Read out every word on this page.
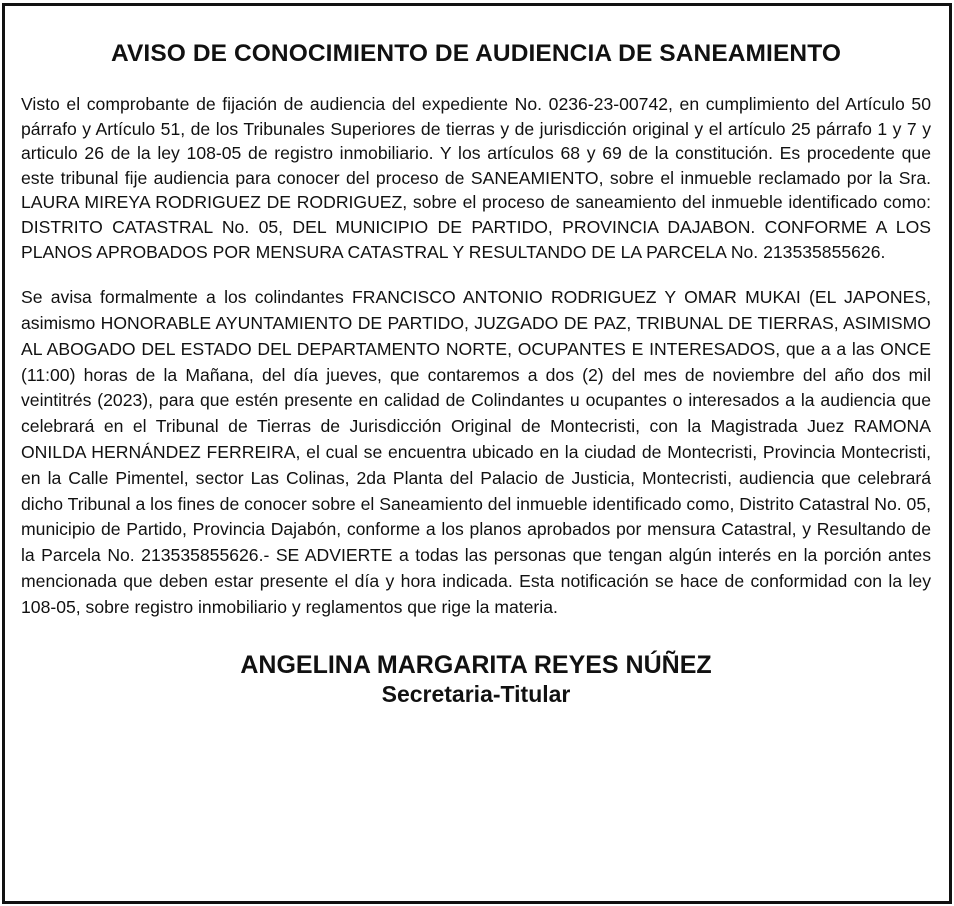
AVISO DE CONOCIMIENTO DE AUDIENCIA DE SANEAMIENTO

Visto el comprobante de fijación de audiencia del expediente No. 0236-23-00742, en cumplimiento del Artículo 50 párrafo y Artículo 51, de los Tribunales Superiores de tierras y de jurisdicción original y el artículo 25 párrafo 1 y 7 y articulo 26 de la ley 108-05 de registro inmobiliario. Y los artículos 68 y 69 de la constitución. Es procedente que este tribunal fije audiencia para conocer del proceso de SANEAMIENTO, sobre el inmueble reclamado por la Sra. LAURA MIREYA RODRIGUEZ DE RODRIGUEZ, sobre el proceso de saneamiento del inmueble identificado como: DISTRITO CATASTRAL No. 05, DEL MUNICIPIO DE PARTIDO, PROVINCIA DAJABON. CONFORME A LOS PLANOS APROBADOS POR MENSURA CATASTRAL Y RESULTANDO DE LA PARCELA No. 213535855626.

Se avisa formalmente a los colindantes FRANCISCO ANTONIO RODRIGUEZ Y OMAR MUKAI (EL JAPONES, asimismo HONORABLE AYUNTAMIENTO DE PARTIDO, JUZGADO DE PAZ, TRIBUNAL DE TIERRAS, ASIMISMO AL ABOGADO DEL ESTADO DEL DEPARTAMENTO NORTE, OCUPANTES E INTERESADOS, que a a las ONCE (11:00) horas de la Mañana, del día jueves, que contaremos a dos (2) del mes de noviembre del año dos mil veintitrés (2023), para que estén presente en calidad de Colindantes u ocupantes o interesados a la audiencia que celebrará en el Tribunal de Tierras de Jurisdicción Original de Montecristi, con la Magistrada Juez RAMONA ONILDA HERNÁNDEZ FERREIRA, el cual se encuentra ubicado en la ciudad de Montecristi, Provincia Montecristi, en la Calle Pimentel, sector Las Colinas, 2da Planta del Palacio de Justicia, Montecristi, audiencia que celebrará dicho Tribunal a los fines de conocer sobre el Saneamiento del inmueble identificado como, Distrito Catastral No. 05, municipio de Partido, Provincia Dajabón, conforme a los planos aprobados por mensura Catastral, y Resultando de la Parcela No. 213535855626.- SE ADVIERTE a todas las personas que tengan algún interés en la porción antes mencionada que deben estar presente el día y hora indicada. Esta notificación se hace de conformidad con la ley 108-05, sobre registro inmobiliario y reglamentos que rige la materia.

ANGELINA MARGARITA REYES NÚÑEZ
Secretaria-Titular
